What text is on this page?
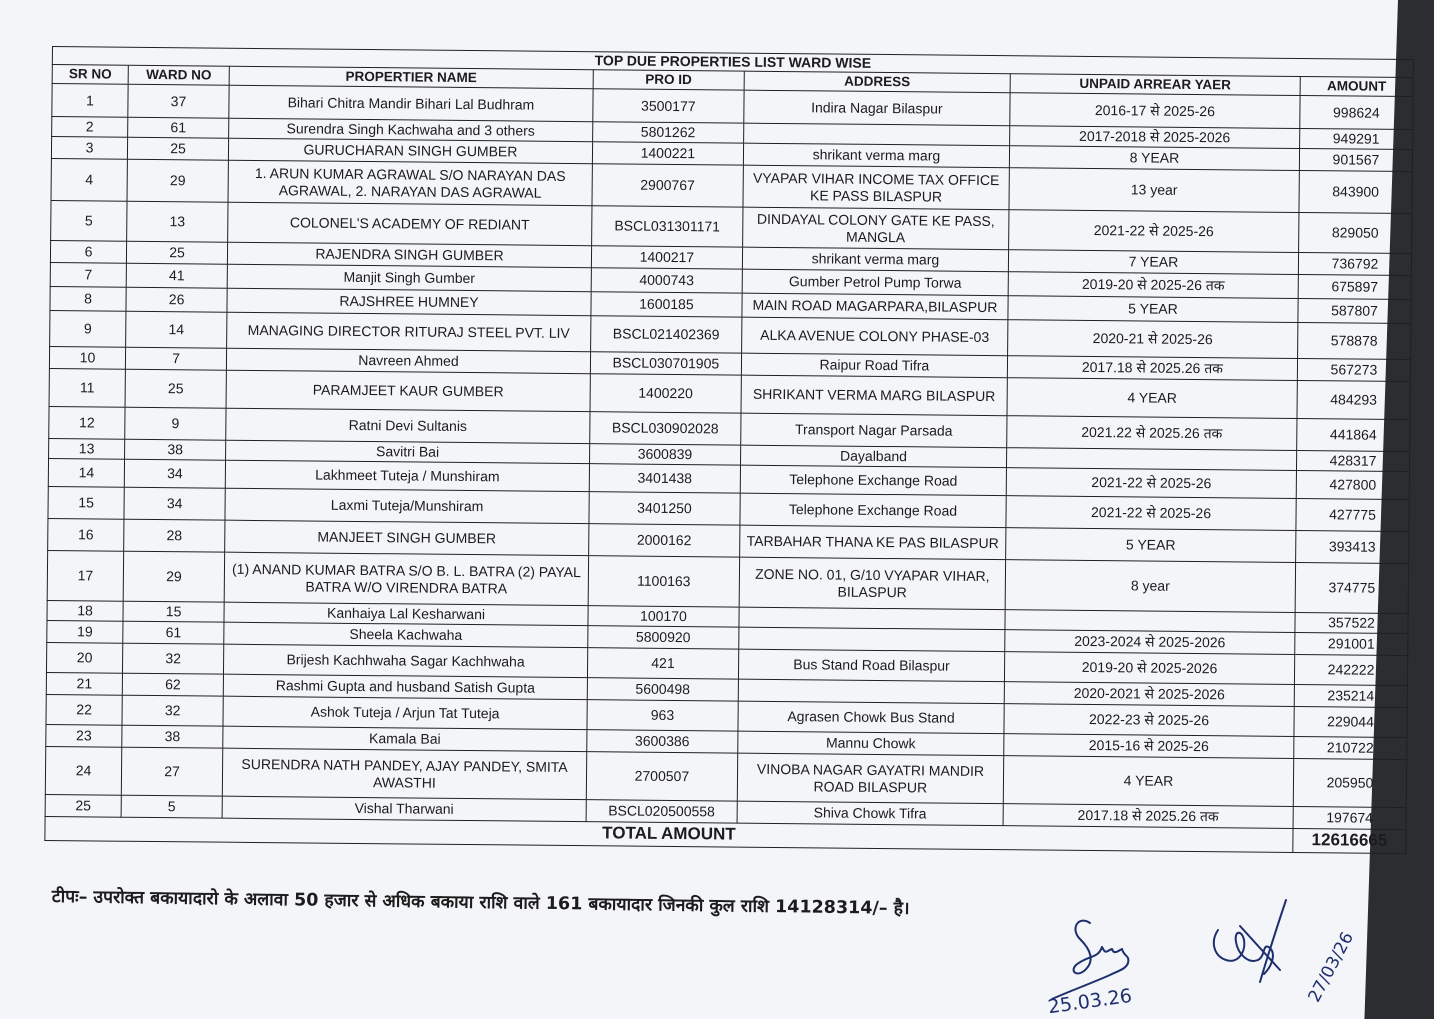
TOP DUE PROPERTIES LIST WARD WISE
SR NO	WARD NO	PROPERTIER NAME	PRO ID	ADDRESS	UNPAID ARREAR YAER	AMOUNT
1	37	Bihari Chitra Mandir Bihari Lal Budhram	3500177	Indira Nagar Bilaspur	2016-17 से 2025-26	998624
2	61	Surendra Singh Kachwaha and 3 others	5801262		2017-2018 से 2025-2026	949291
3	25	GURUCHARAN SINGH GUMBER	1400221	shrikant verma marg	8 YEAR	901567
4	29	1. ARUN KUMAR AGRAWAL S/O NARAYAN DAS AGRAWAL, 2. NARAYAN DAS AGRAWAL	2900767	VYAPAR VIHAR INCOME TAX OFFICE KE PASS BILASPUR	13 year	843900
5	13	COLONEL'S ACADEMY OF REDIANT	BSCL031301171	DINDAYAL COLONY GATE KE PASS, MANGLA	2021-22 से 2025-26	829050
6	25	RAJENDRA SINGH GUMBER	1400217	shrikant verma marg	7 YEAR	736792
7	41	Manjit Singh Gumber	4000743	Gumber Petrol Pump Torwa	2019-20 से 2025-26 तक	675897
8	26	RAJSHREE HUMNEY	1600185	MAIN ROAD MAGARPARA,BILASPUR	5 YEAR	587807
9	14	MANAGING DIRECTOR RITURAJ STEEL PVT. LIV	BSCL021402369	ALKA AVENUE COLONY PHASE-03	2020-21 से 2025-26	578878
10	7	Navreen Ahmed	BSCL030701905	Raipur Road Tifra	2017.18 से 2025.26 तक	567273
11	25	PARAMJEET KAUR GUMBER	1400220	SHRIKANT VERMA MARG BILASPUR	4 YEAR	484293
12	9	Ratni Devi Sultanis	BSCL030902028	Transport Nagar Parsada	2021.22 से 2025.26 तक	441864
13	38	Savitri Bai	3600839	Dayalband		428317
14	34	Lakhmeet Tuteja / Munshiram	3401438	Telephone Exchange Road	2021-22 से 2025-26	427800
15	34	Laxmi Tuteja/Munshiram	3401250	Telephone Exchange Road	2021-22 से 2025-26	427775
16	28	MANJEET SINGH GUMBER	2000162	TARBAHAR THANA KE PAS BILASPUR	5 YEAR	393413
17	29	(1) ANAND KUMAR BATRA S/O B. L. BATRA (2) PAYAL BATRA W/O VIRENDRA BATRA	1100163	ZONE NO. 01, G/10 VYAPAR VIHAR, BILASPUR	8 year	374775
18	15	Kanhaiya Lal Kesharwani	100170			357522
19	61	Sheela Kachwaha	5800920		2023-2024 से 2025-2026	291001
20	32	Brijesh Kachhwaha Sagar Kachhwaha	421	Bus Stand Road Bilaspur	2019-20 से 2025-2026	242222
21	62	Rashmi Gupta and husband Satish Gupta	5600498		2020-2021 से 2025-2026	235214
22	32	Ashok Tuteja / Arjun Tat Tuteja	963	Agrasen Chowk Bus Stand	2022-23 से 2025-26	229044
23	38	Kamala Bai	3600386	Mannu Chowk	2015-16 से 2025-26	210722
24	27	SURENDRA NATH PANDEY, AJAY PANDEY, SMITA AWASTHI	2700507	VINOBA NAGAR GAYATRI MANDIR ROAD BILASPUR	4 YEAR	205950
25	5	Vishal Tharwani	BSCL020500558	Shiva Chowk Tifra	2017.18 से 2025.26 तक	197674
TOTAL AMOUNT						12616665
टीपः– उपरोक्त बकायादारो के अलावा 50 हजार से अधिक बकाया राशि वाले 161 बकायादार जिनकी कुल राशि 14128314/– है।
25.03.26	27/03/26
